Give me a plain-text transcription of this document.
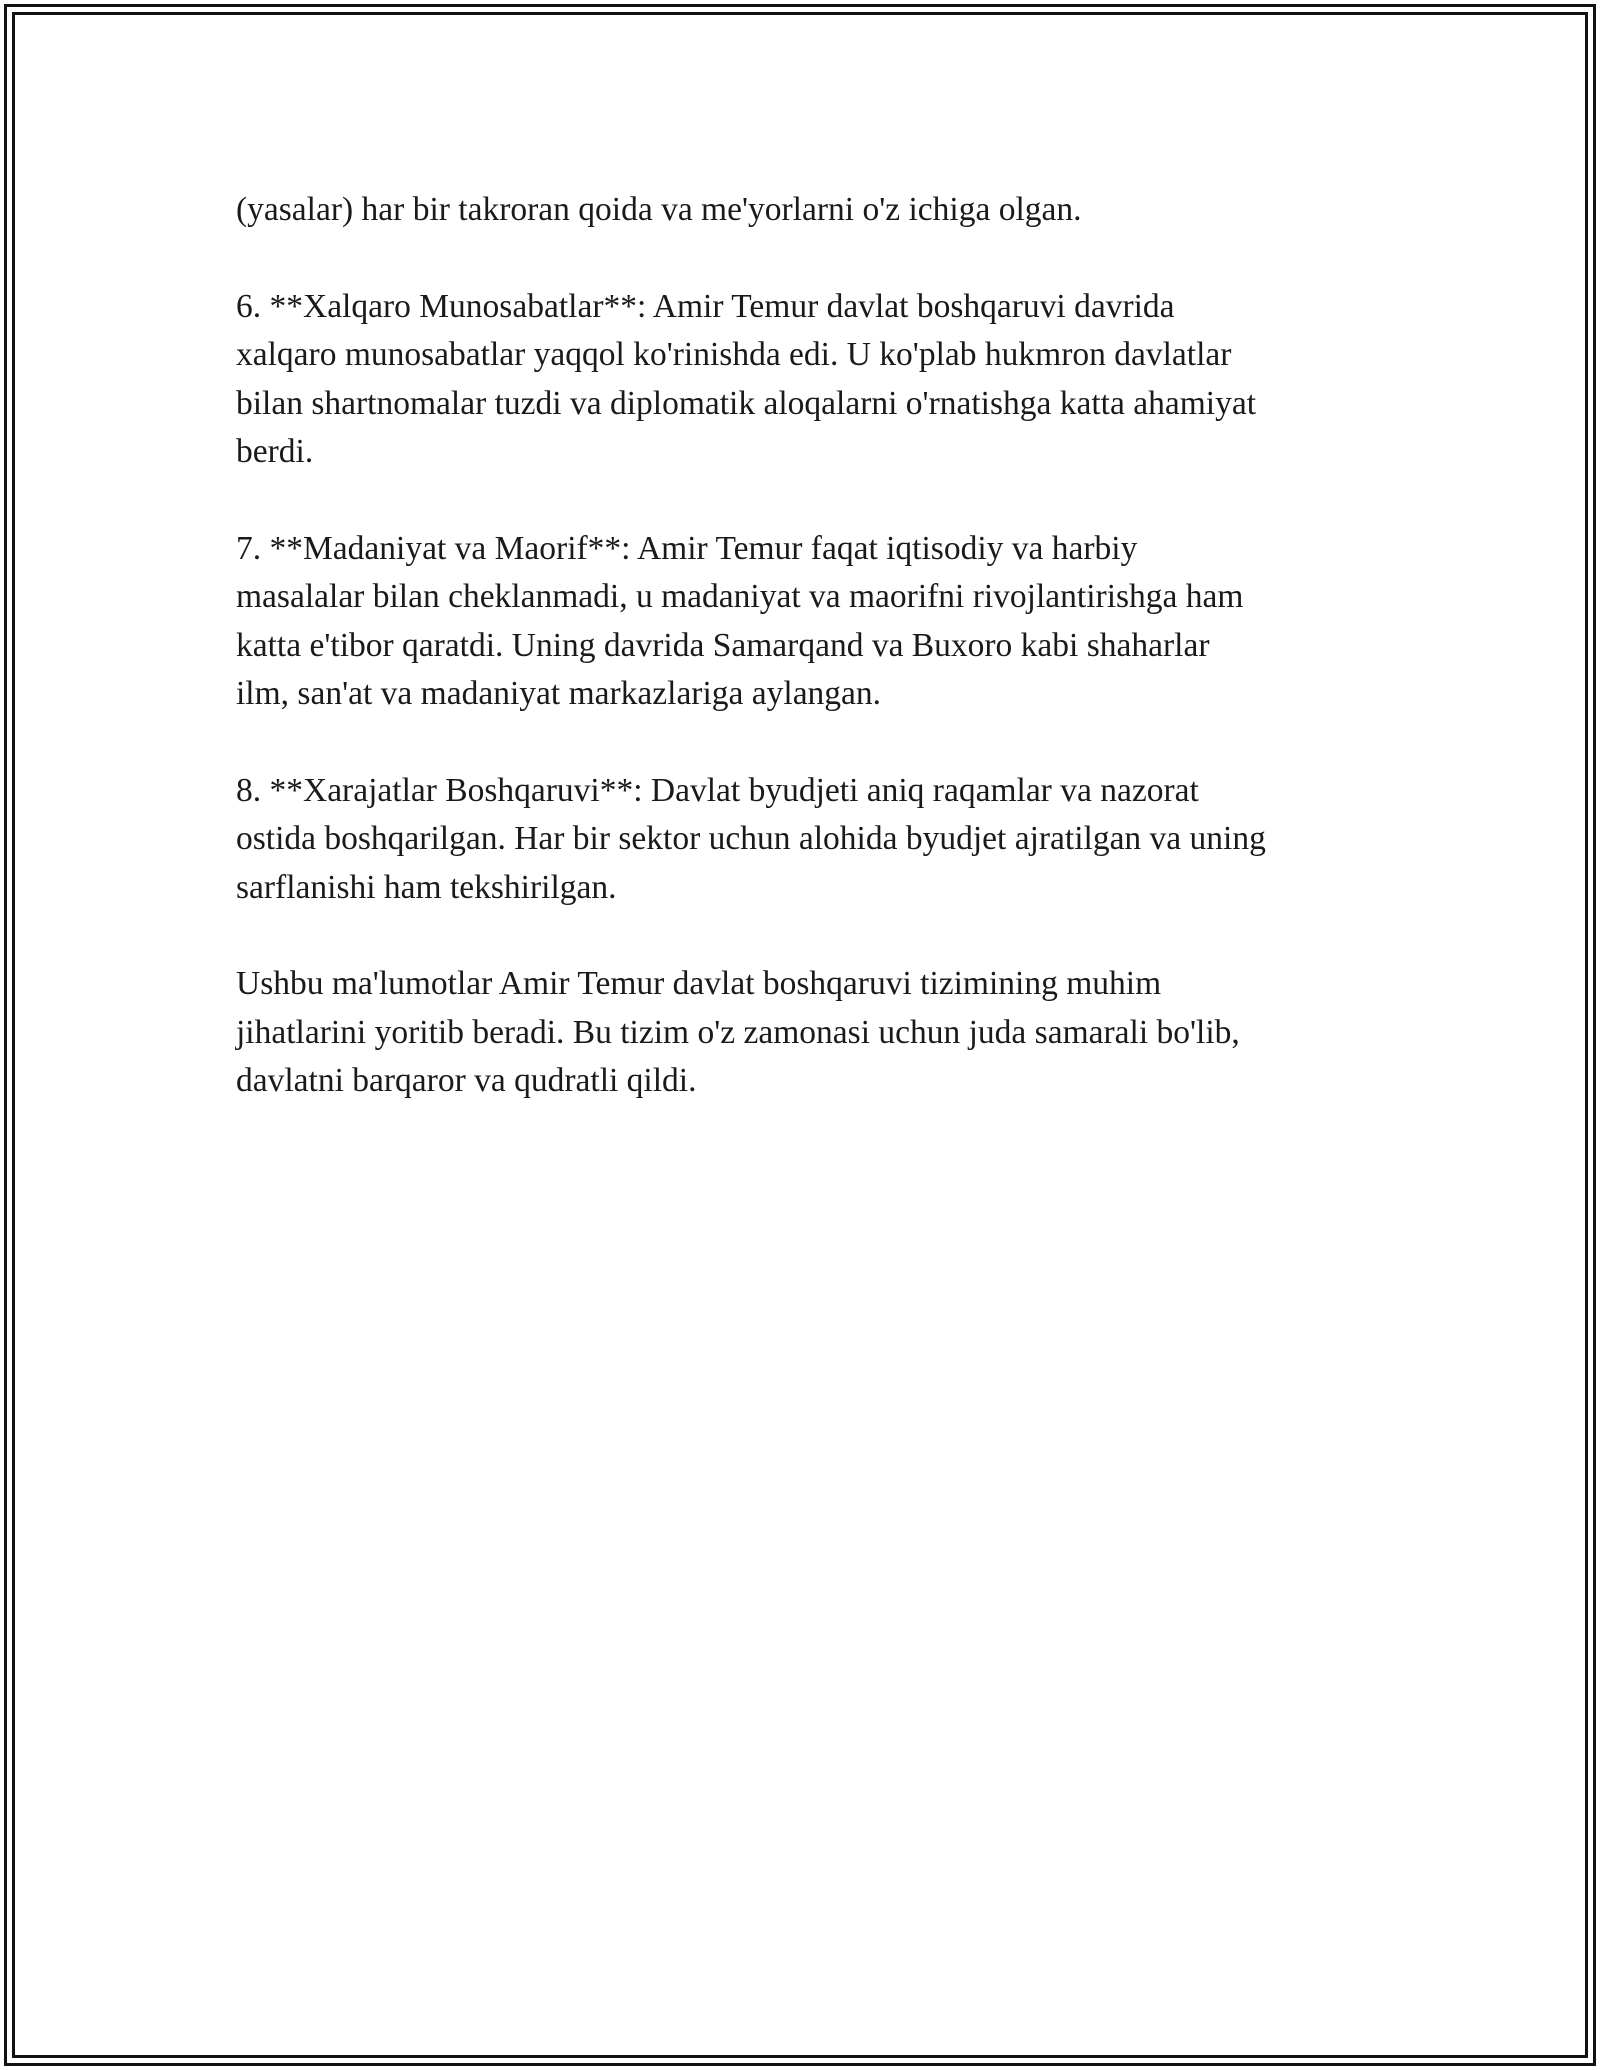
(yasalar) har bir takroran qoida va me'yorlarni o'z ichiga olgan.

6. **Xalqaro Munosabatlar**: Amir Temur davlat boshqaruvi davrida
xalqaro munosabatlar yaqqol ko'rinishda edi. U ko'plab hukmron davlatlar
bilan shartnomalar tuzdi va diplomatik aloqalarni o'rnatishga katta ahamiyat
berdi.

7. **Madaniyat va Maorif**: Amir Temur faqat iqtisodiy va harbiy
masalalar bilan cheklanmadi, u madaniyat va maorifni rivojlantirishga ham
katta e'tibor qaratdi. Uning davrida Samarqand va Buxoro kabi shaharlar
ilm, san'at va madaniyat markazlariga aylangan.

8. **Xarajatlar Boshqaruvi**: Davlat byudjeti aniq raqamlar va nazorat
ostida boshqarilgan. Har bir sektor uchun alohida byudjet ajratilgan va uning
sarflanishi ham tekshirilgan.

Ushbu ma'lumotlar Amir Temur davlat boshqaruvi tizimining muhim
jihatlarini yoritib beradi. Bu tizim o'z zamonasi uchun juda samarali bo'lib,
davlatni barqaror va qudratli qildi.
